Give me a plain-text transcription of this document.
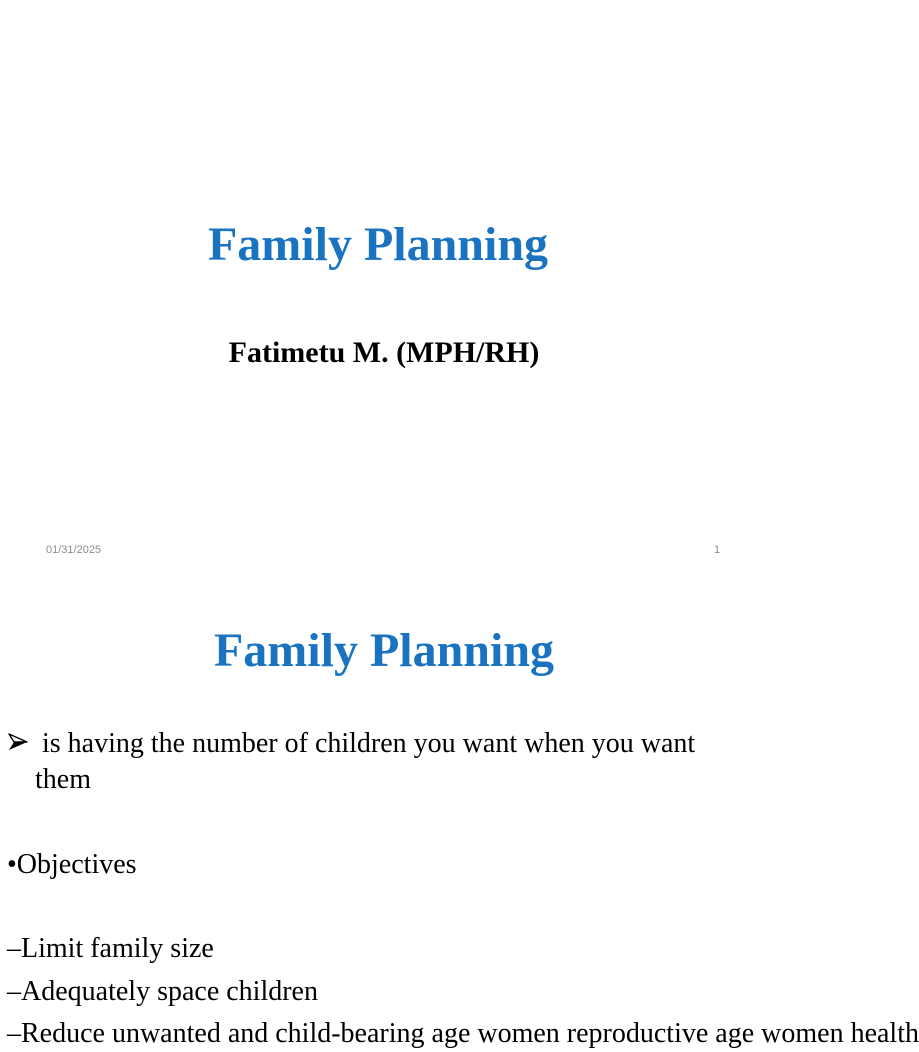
Family Planning
Fatimetu M. (MPH/RH)
01/31/2025	1
Family Planning
is having the number of children you want when you want them
•Objectives
–Limit family size
–Adequately space children
–Reduce unwanted and child-bearing age women reproductive age women health
